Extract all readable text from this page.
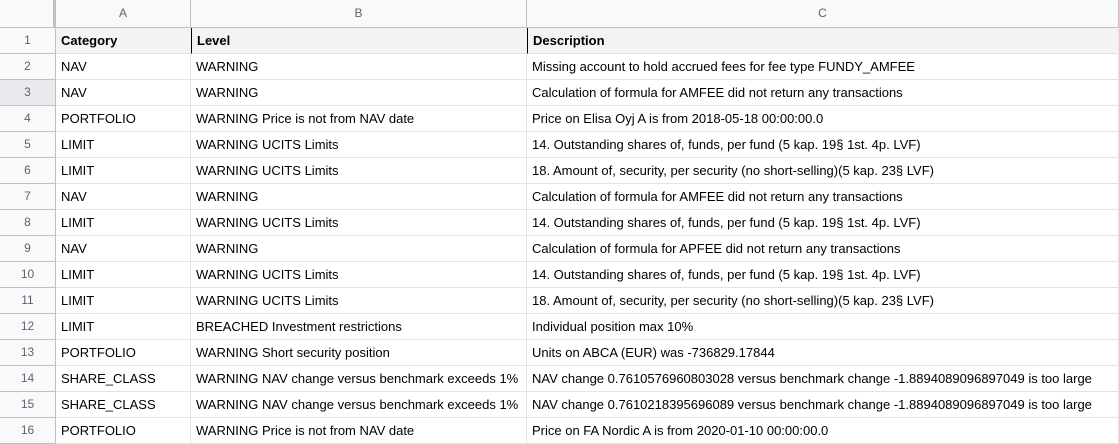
A	B	C
1	Category	Level	Description
2	NAV	WARNING	Missing account to hold accrued fees for fee type FUNDY_AMFEE
3	NAV	WARNING	Calculation of formula for AMFEE did not return any transactions
4	PORTFOLIO	WARNING Price is not from NAV date	Price on Elisa Oyj A is from 2018-05-18 00:00:00.0
5	LIMIT	WARNING UCITS Limits	14. Outstanding shares of, funds, per fund (5 kap. 19§ 1st. 4p. LVF)
6	LIMIT	WARNING UCITS Limits	18. Amount of, security, per security (no short-selling)(5 kap. 23§ LVF)
7	NAV	WARNING	Calculation of formula for AMFEE did not return any transactions
8	LIMIT	WARNING UCITS Limits	14. Outstanding shares of, funds, per fund (5 kap. 19§ 1st. 4p. LVF)
9	NAV	WARNING	Calculation of formula for APFEE did not return any transactions
10	LIMIT	WARNING UCITS Limits	14. Outstanding shares of, funds, per fund (5 kap. 19§ 1st. 4p. LVF)
11	LIMIT	WARNING UCITS Limits	18. Amount of, security, per security (no short-selling)(5 kap. 23§ LVF)
12	LIMIT	BREACHED Investment restrictions	Individual position max 10%
13	PORTFOLIO	WARNING Short security position	Units on ABCA (EUR) was -736829.17844
14	SHARE_CLASS	WARNING NAV change versus benchmark exceeds 1%	NAV change 0.7610576960803028 versus benchmark change -1.8894089096897049 is too large
15	SHARE_CLASS	WARNING NAV change versus benchmark exceeds 1%	NAV change 0.7610218395696089 versus benchmark change -1.8894089096897049 is too large
16	PORTFOLIO	WARNING Price is not from NAV date	Price on FA Nordic A is from 2020-01-10 00:00:00.0
